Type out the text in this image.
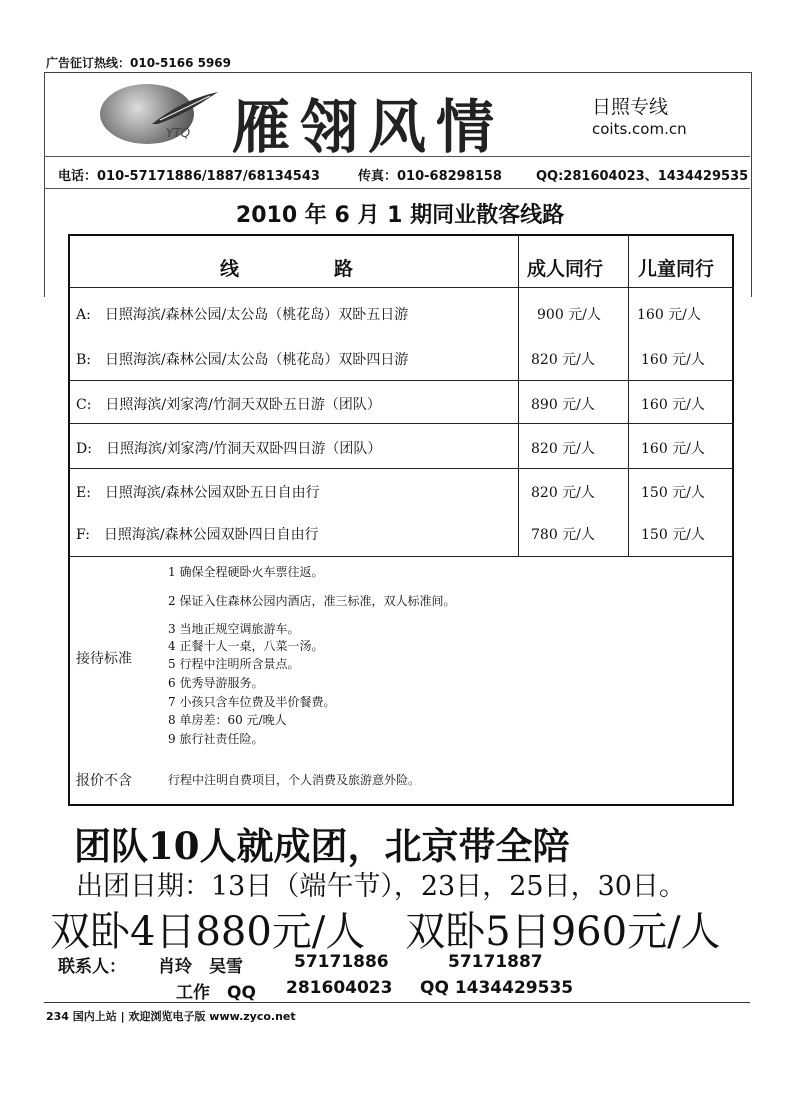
广告征订热线：010-5166 5969
YTQ 雁翎风情	日照专线
coits.com.cn
电话：010-57171886/1887/68134543	传真：010-68298158	QQ:281604023、1434429535
2010 年 6 月 1 期同业散客线路
线　　　　　路	成人同行 儿童同行
A:　日照海滨/森林公园/太公岛（桃花岛）双卧五日游	900 元/人	160 元/人
B:　日照海滨/森林公园/太公岛（桃花岛）双卧四日游	820 元/人	160 元/人
C:　日照海滨/刘家湾/竹洞天双卧五日游（团队）	890 元/人	160 元/人
D:　日照海滨/刘家湾/竹洞天双卧四日游（团队）	820 元/人	160 元/人
E:　日照海滨/森林公园双卧五日自由行	820 元/人	150 元/人
F:　日照海滨/森林公园双卧四日自由行	780 元/人	150 元/人
接待标准
1 确保全程硬卧火车票往返。
2 保证入住森林公园内酒店，准三标准，双人标准间。
3 当地正规空调旅游车。
4 正餐十人一桌，八菜一汤。
5 行程中注明所含景点。
6 优秀导游服务。
7 小孩只含车位费及半价餐费。
8 单房差：60 元/晚人
9 旅行社责任险。
报价不含	行程中注明自费项目，个人消费及旅游意外险。
团队10人就成团，北京带全陪
出团日期：13日（端午节），23日，25日，30日。
双卧4日880元/人　双卧5日960元/人
联系人： 肖玲　吴雪	57171886	57171887
工作　QQ 281604023 QQ 1434429535
234 国内上站 | 欢迎浏览电子版 www.zyco.net
